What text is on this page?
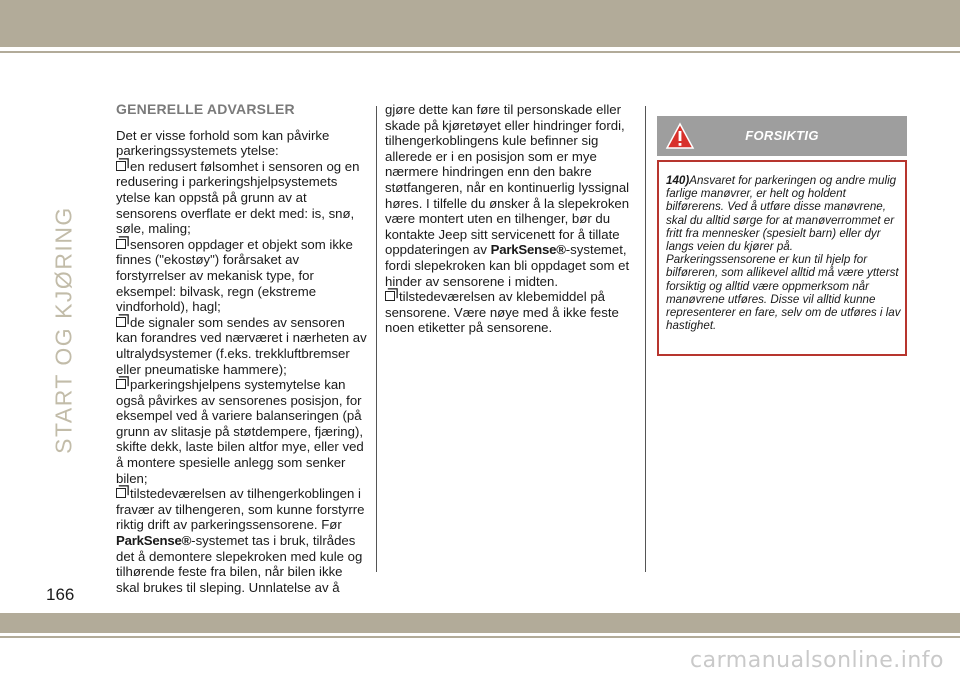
START OG KJØRING
GENERELLE ADVARSLER

Det er visse forhold som kan påvirke parkeringssystemets ytelse:

en redusert følsomhet i sensoren og en redusering i parkeringshjelpsystemets ytelse kan oppstå på grunn av at sensorens overflate er dekt med: is, snø, søle, maling;
sensoren oppdager et objekt som ikke finnes ("ekostøy") forårsaket av forstyrrelser av mekanisk type, for eksempel: bilvask, regn (ekstreme vindforhold), hagl;
de signaler som sendes av sensoren kan forandres ved nærværet i nærheten av ultralydsystemer (f.eks. trekkluftbremser eller pneumatiske hammere);
parkeringshjelpens systemytelse kan også påvirkes av sensorenes posisjon, for eksempel ved å variere balanseringen (på grunn av slitasje på støtdempere, fjæring), skifte dekk, laste bilen altfor mye, eller ved å montere spesielle anlegg som senker bilen;
tilstedeværelsen av tilhengerkoblingen i fravær av tilhengeren, som kunne forstyrre riktig drift av parkeringssensorene. Før ParkSense®-systemet tas i bruk, tilrådes det å demontere slepekroken med kule og tilhørende feste fra bilen, når bilen ikke skal brukes til sleping. Unnlatelse av å

gjøre dette kan føre til personskade eller skade på kjøretøyet eller hindringer fordi, tilhengerkoblingens kule befinner sig allerede er i en posisjon som er mye nærmere hindringen enn den bakre støtfangeren, når en kontinuerlig lyssignal høres. I tilfelle du ønsker å la slepekroken være montert uten en tilhenger, bør du kontakte Jeep sitt servicenett for å tillate oppdateringen av ParkSense®-systemet, fordi slepekroken kan bli oppdaget som et hinder av sensorene i midten.

tilstedeværelsen av klebemiddel på sensorene. Være nøye med å ikke feste noen etiketter på sensorene.
FORSIKTIG
140)Ansvaret for parkeringen og andre mulig farlige manøvrer, er helt og holdent bilførerens. Ved å utføre disse manøvrene, skal du alltid sørge for at manøverrommet er fritt fra mennesker (spesielt barn) eller dyr langs veien du kjører på. Parkeringssensorene er kun til hjelp for bilføreren, som allikevel alltid må være ytterst forsiktig og alltid være oppmerksom når manøvrene utføres. Disse vil alltid kunne representerer en fare, selv om de utføres i lav hastighet.
166
carmanualsonline.info
